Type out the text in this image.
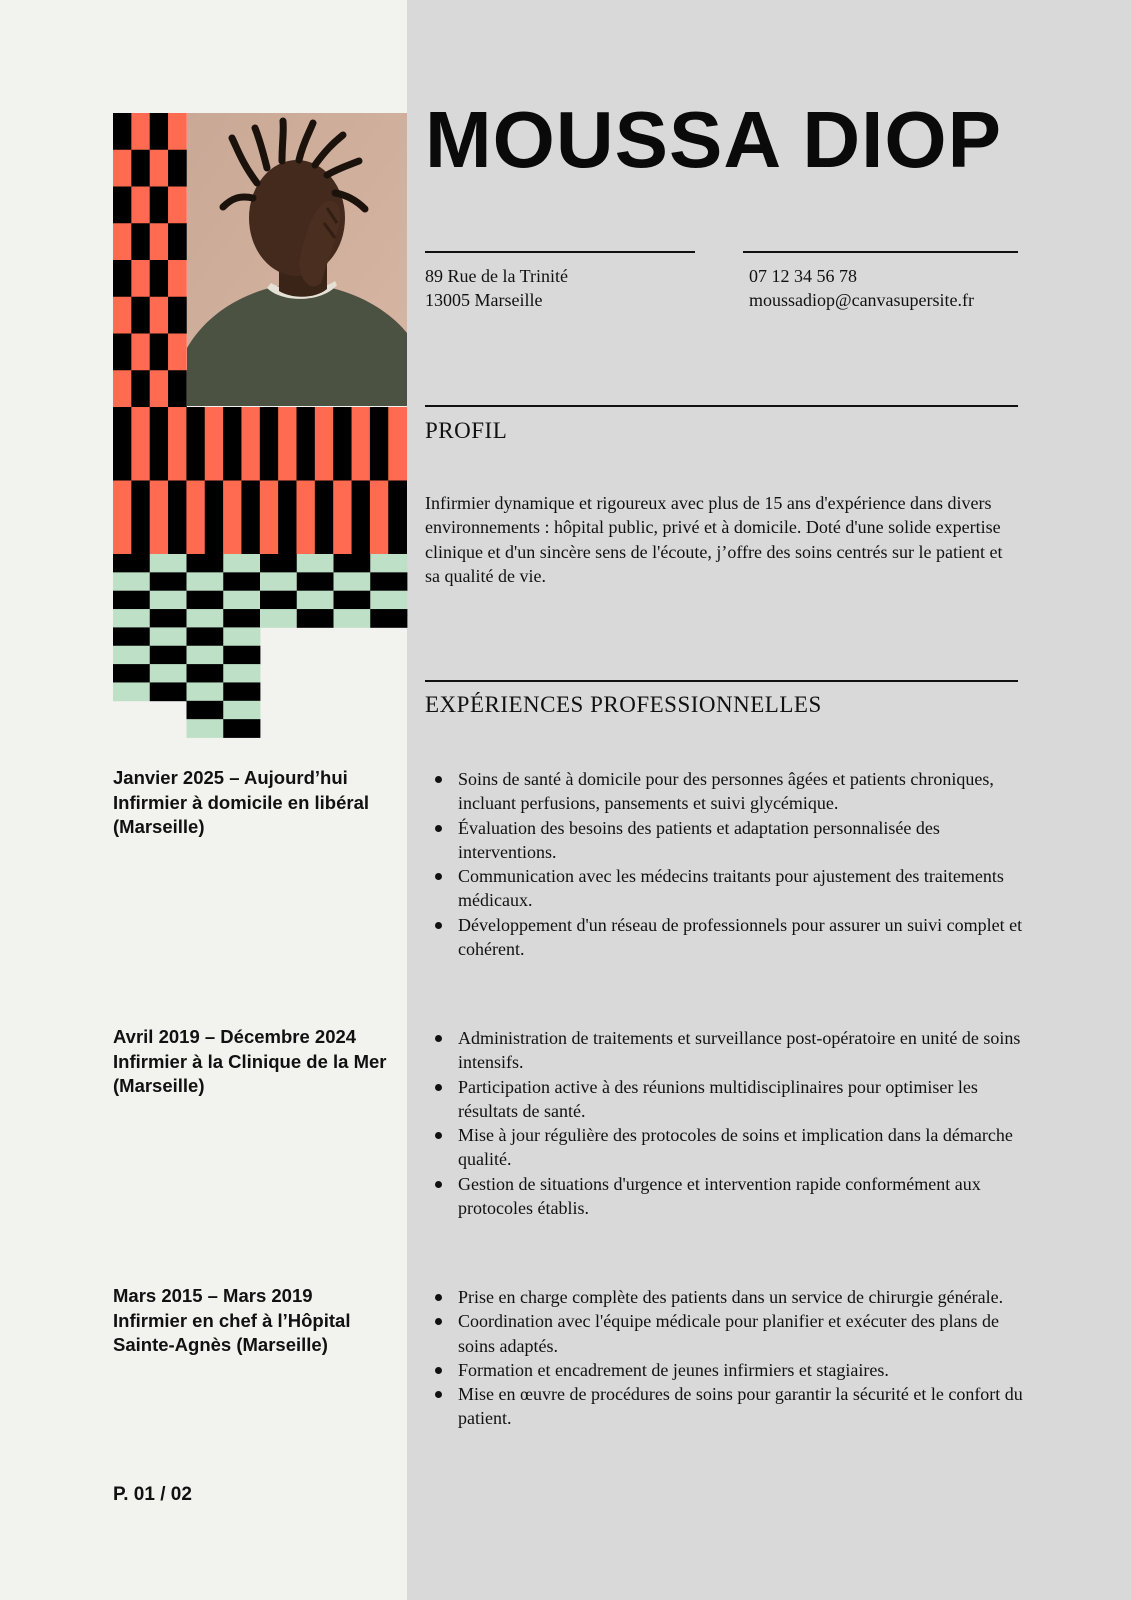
MOUSSA DIOP
89 Rue de la Trinité
13005 Marseille
07 12 34 56 78
moussadiop@canvasupersite.fr
PROFIL

Infirmier dynamique et rigoureux avec plus de 15 ans d'expérience dans divers environnements : hôpital public, privé et à domicile. Doté d'une solide expertise clinique et d'un sincère sens de l'écoute, j’offre des soins centrés sur le patient et sa qualité de vie.

EXPÉRIENCES PROFESSIONNELLES
Janvier 2025 – Aujourd’hui
Infirmier à domicile en libéral
(Marseille)
Soins de santé à domicile pour des personnes âgées et patients chroniques, incluant perfusions, pansements et suivi glycémique.
Évaluation des besoins des patients et adaptation personnalisée des interventions.
Communication avec les médecins traitants pour ajustement des traitements médicaux.
Développement d'un réseau de professionnels pour assurer un suivi complet et cohérent.
Avril 2019 – Décembre 2024
Infirmier à la Clinique de la Mer
(Marseille)
Administration de traitements et surveillance post-opératoire en unité de soins intensifs.
Participation active à des réunions multidisciplinaires pour optimiser les résultats de santé.
Mise à jour régulière des protocoles de soins et implication dans la démarche qualité.
Gestion de situations d'urgence et intervention rapide conformément aux protocoles établis.
Mars 2015 – Mars 2019
Infirmier en chef à l’Hôpital
Sainte-Agnès (Marseille)
Prise en charge complète des patients dans un service de chirurgie générale.
Coordination avec l'équipe médicale pour planifier et exécuter des plans de soins adaptés.
Formation et encadrement de jeunes infirmiers et stagiaires.
Mise en œuvre de procédures de soins pour garantir la sécurité et le confort du patient.
P. 01 / 02
